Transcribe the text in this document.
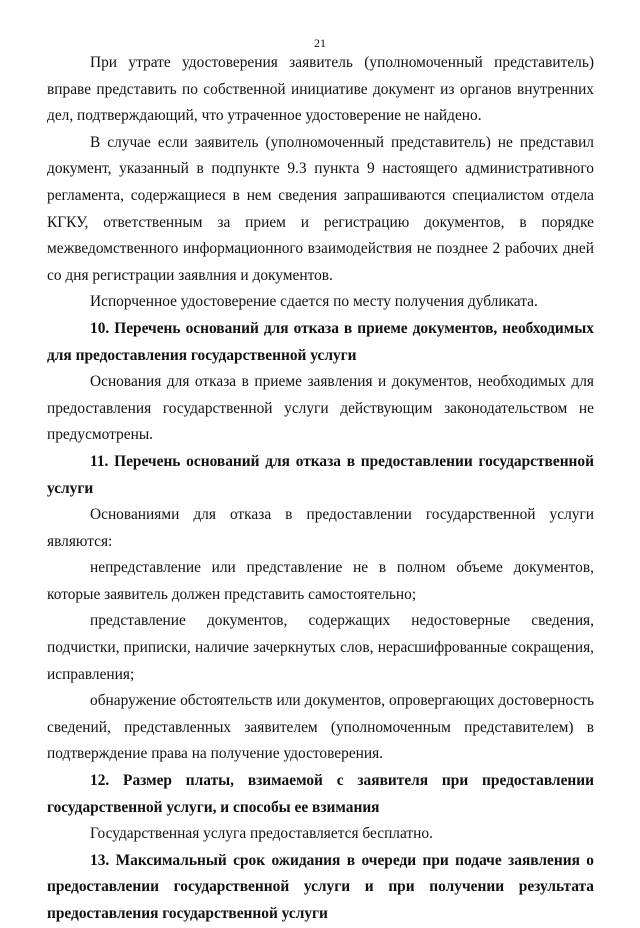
21

При утрате удостоверения заявитель (уполномоченный представитель) вправе представить по собственной инициативе документ из органов внутренних дел, подтверждающий, что утраченное удостоверение не найдено.

В случае если заявитель (уполномоченный представитель) не представил документ, указанный в подпункте 9.3 пункта 9 настоящего административного регламента, содержащиеся в нем сведения запрашиваются специалистом отдела КГКУ, ответственным за прием и регистрацию документов, в порядке межведомственного информационного взаимодействия не позднее 2 рабочих дней со дня регистрации заявлния и документов.

Испорченное удостоверение сдается по месту получения дубликата.

10. Перечень оснований для отказа в приеме документов, необходимых для предоставления государственной услуги

Основания для отказа в приеме заявления и документов, необходимых для предоставления государственной услуги действующим законодательством не предусмотрены.

11. Перечень оснований для отказа в предоставлении государственной услуги

Основаниями для отказа в предоставлении государственной услуги являются:

непредставление или представление не в полном объеме документов, которые заявитель должен представить самостоятельно;

представление документов, содержащих недостоверные сведения, подчистки, приписки, наличие зачеркнутых слов, нерасшифрованные сокращения, исправления;

обнаружение обстоятельств или документов, опровергающих достоверность сведений, представленных заявителем (уполномоченным представителем) в подтверждение права на получение удостоверения.

12. Размер платы, взимаемой с заявителя при предоставлении государственной услуги, и способы ее взимания

Государственная услуга предоставляется бесплатно.

13. Максимальный срок ожидания в очереди при подаче заявления о предоставлении государственной услуги и при получении результата предоставления государственной услуги
